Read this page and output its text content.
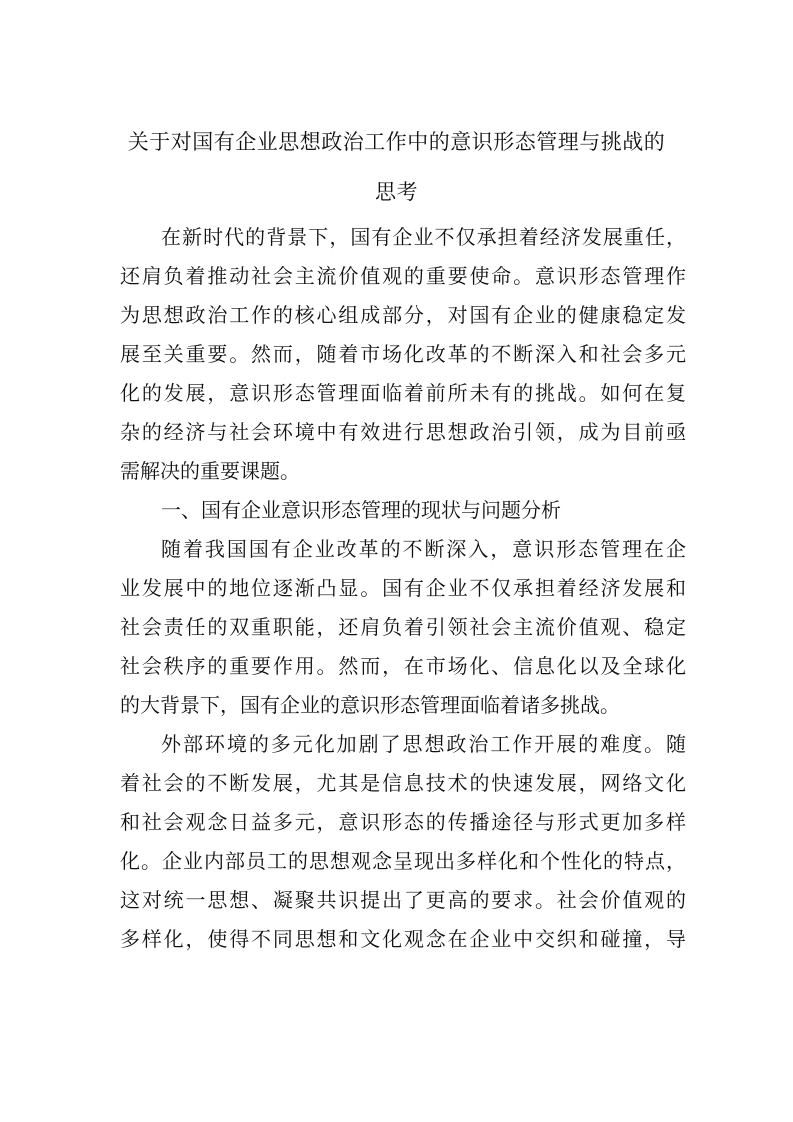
关于对国有企业思想政治工作中的意识形态管理与挑战的
思考
在新时代的背景下，国有企业不仅承担着经济发展重任，
还肩负着推动社会主流价值观的重要使命。意识形态管理作
为思想政治工作的核心组成部分，对国有企业的健康稳定发
展至关重要。然而，随着市场化改革的不断深入和社会多元
化的发展，意识形态管理面临着前所未有的挑战。如何在复
杂的经济与社会环境中有效进行思想政治引领，成为目前亟
需解决的重要课题。
一、国有企业意识形态管理的现状与问题分析
随着我国国有企业改革的不断深入，意识形态管理在企
业发展中的地位逐渐凸显。国有企业不仅承担着经济发展和
社会责任的双重职能，还肩负着引领社会主流价值观、稳定
社会秩序的重要作用。然而，在市场化、信息化以及全球化
的大背景下，国有企业的意识形态管理面临着诸多挑战。
外部环境的多元化加剧了思想政治工作开展的难度。随
着社会的不断发展，尤其是信息技术的快速发展，网络文化
和社会观念日益多元，意识形态的传播途径与形式更加多样
化。企业内部员工的思想观念呈现出多样化和个性化的特点，
这对统一思想、凝聚共识提出了更高的要求。社会价值观的
多样化，使得不同思想和文化观念在企业中交织和碰撞，导
